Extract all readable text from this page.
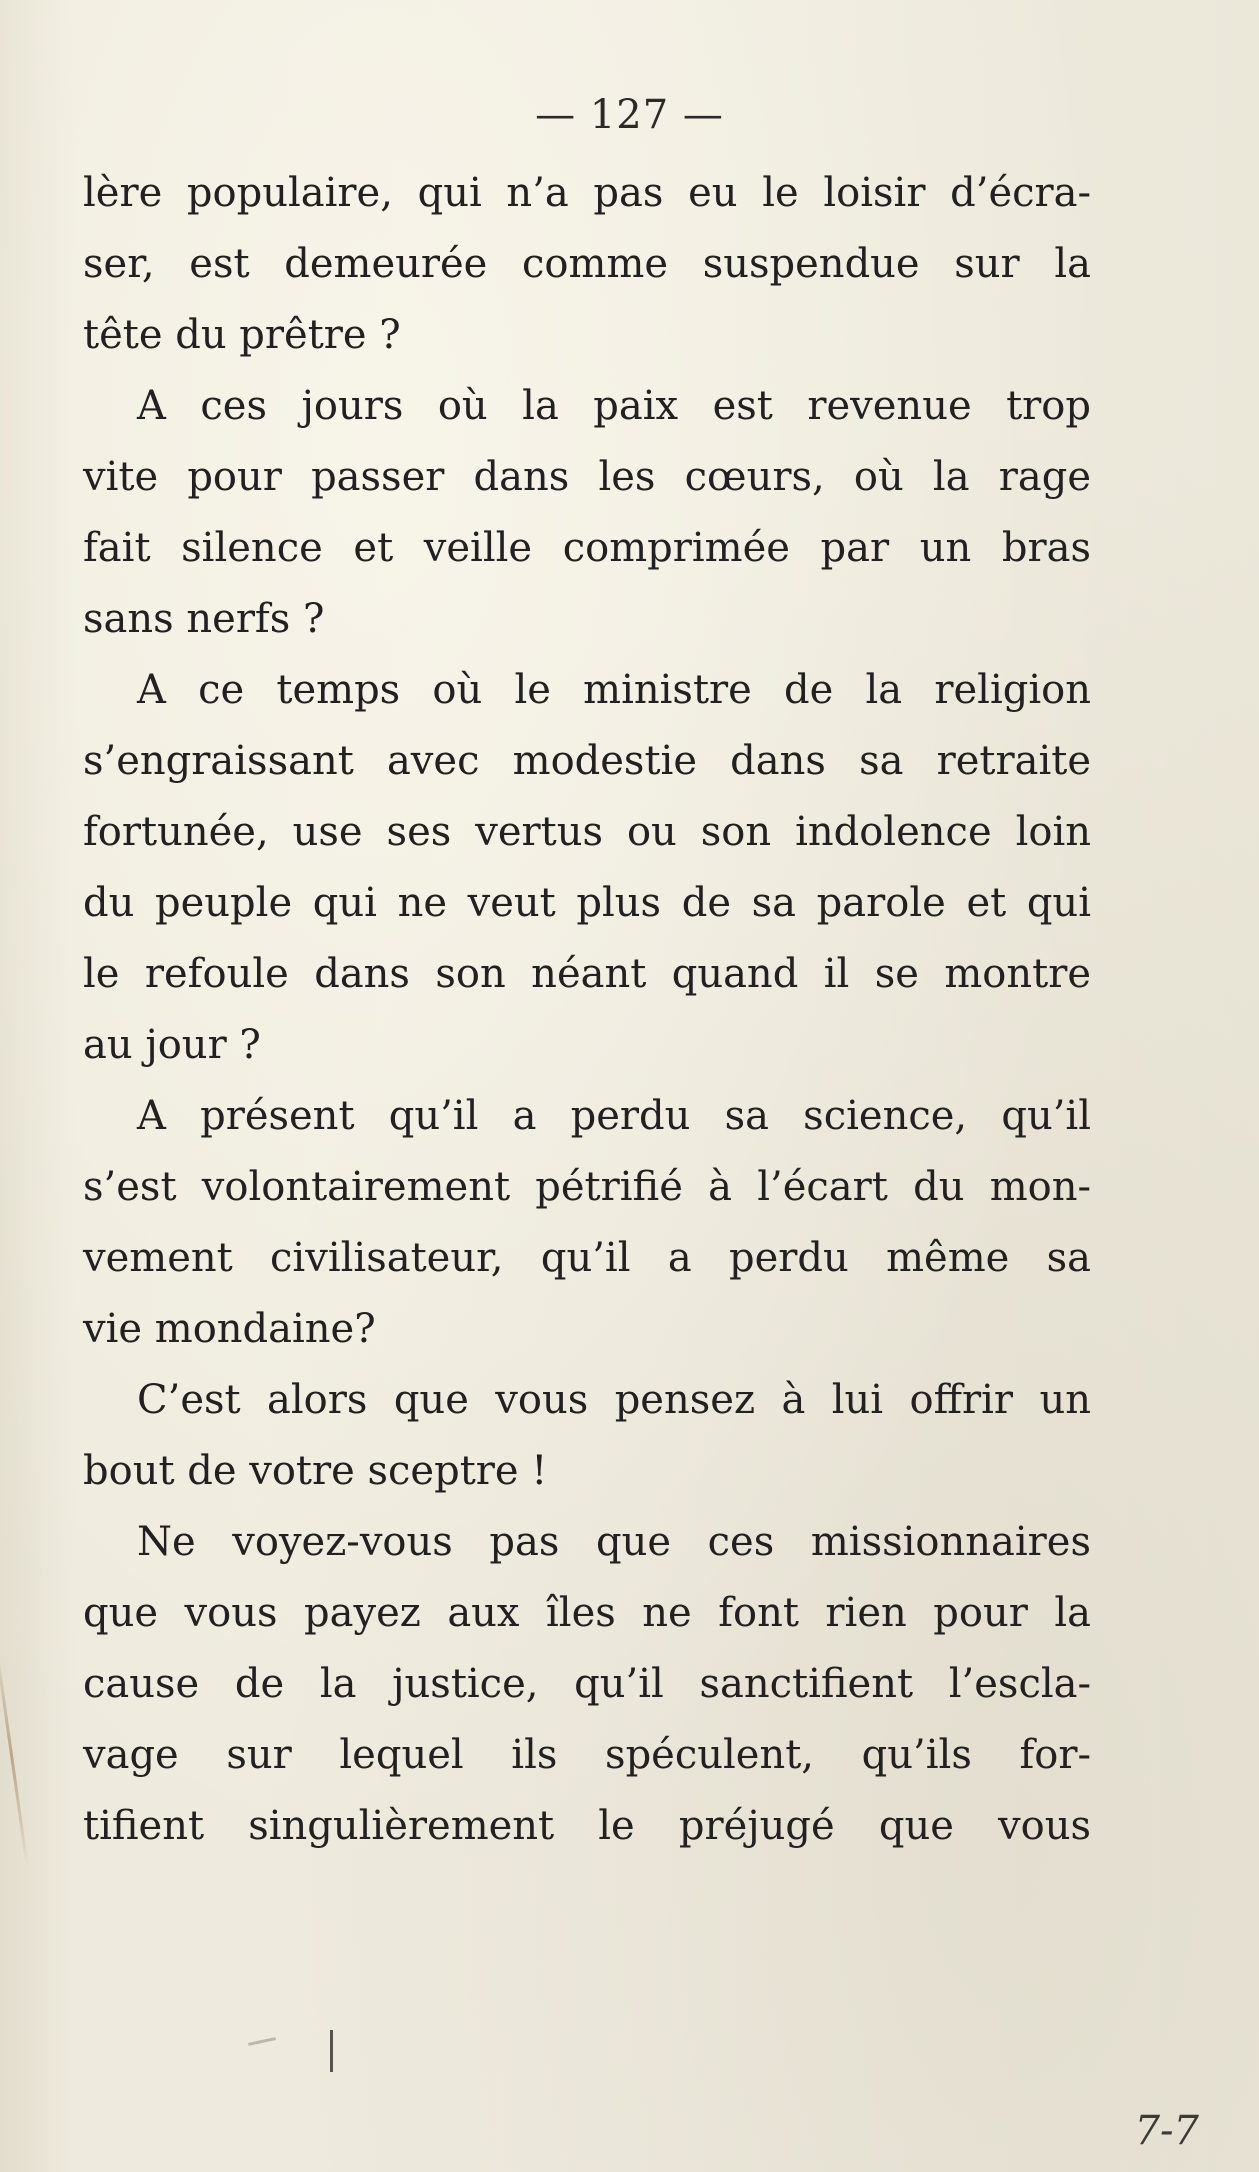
— 127 —
lère populaire, qui n’a pas eu le loisir d’écra-
ser, est demeurée comme suspendue sur la
tête du prêtre ?
A ces jours où la paix est revenue trop
vite pour passer dans les cœurs, où la rage
fait silence et veille comprimée par un bras
sans nerfs ?
A ce temps où le ministre de la religion
s’engraissant avec modestie dans sa retraite
fortunée, use ses vertus ou son indolence loin
du peuple qui ne veut plus de sa parole et qui
le refoule dans son néant quand il se montre
au jour ?
A présent qu’il a perdu sa science, qu’il
s’est volontairement pétrifié à l’écart du mon-
vement civilisateur, qu’il a perdu même sa
vie mondaine?
C’est alors que vous pensez à lui offrir un
bout de votre sceptre !
Ne voyez-vous pas que ces missionnaires
que vous payez aux îles ne font rien pour la
cause de la justice, qu’il sanctifient l’escla-
vage sur lequel ils spéculent, qu’ils for-
tifient singulièrement le préjugé que vous
7-7
